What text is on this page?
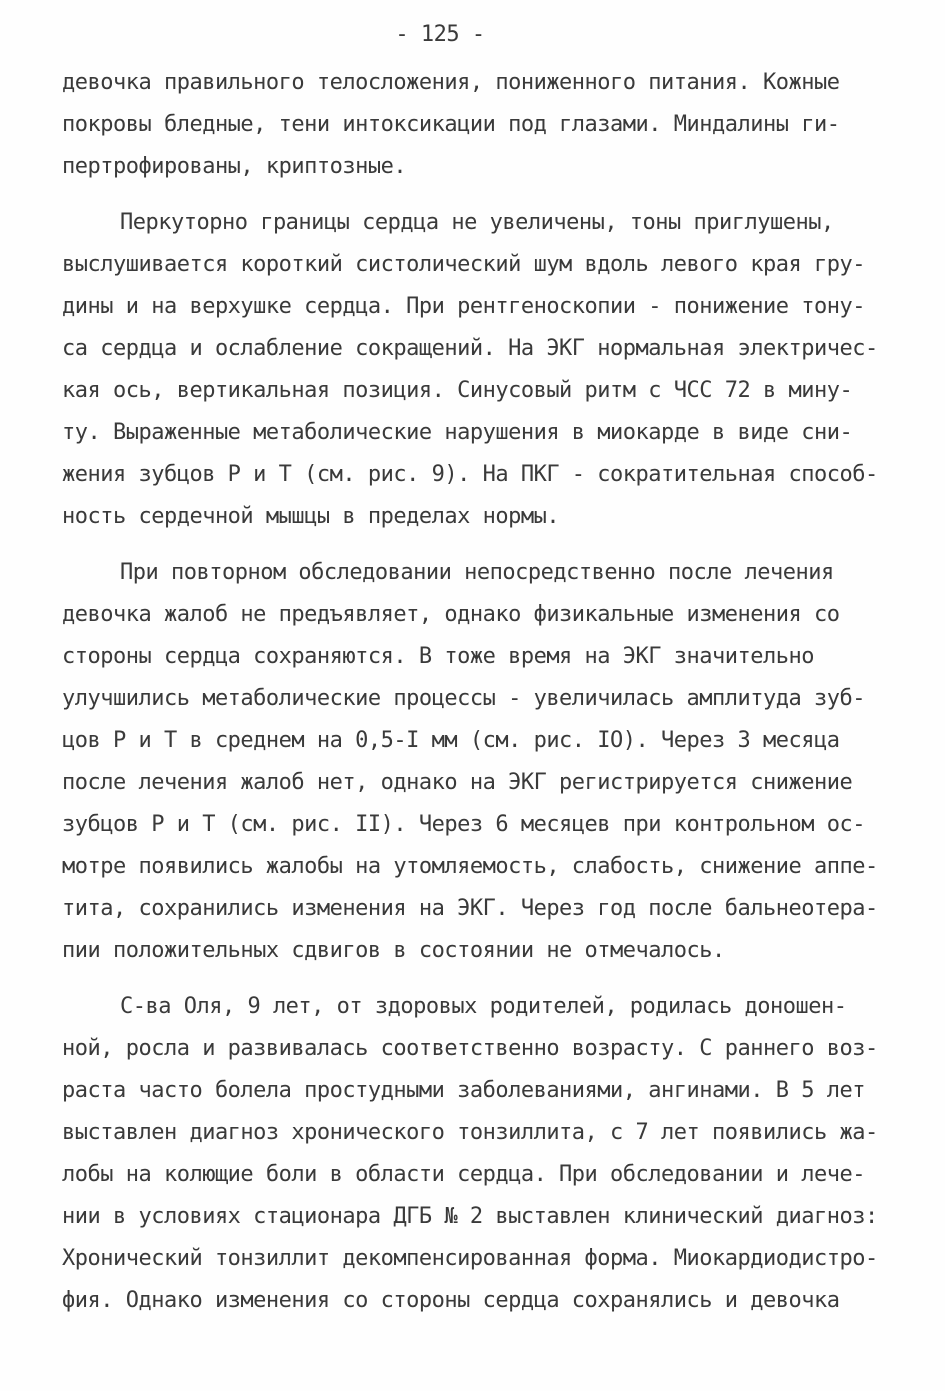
- 125 -
девочка правильного телосложения, пониженного питания. Кожные
покровы бледные, тени интоксикации под глазами. Миндалины ги-
пертрофированы, криптозные.
Перкуторно границы сердца не увеличены, тоны приглушены,
выслушивается короткий систолический шум вдоль левого края гру-
дины и на верхушке сердца. При рентгеноскопии - понижение тону-
са сердца и ослабление сокращений. На ЭКГ нормальная электричес-
кая ось, вертикальная позиция. Синусовый ритм с ЧСС 72 в мину-
ту. Выраженные метаболические нарушения в миокарде в виде сни-
жения зубцов Р и Т (см. рис. 9). На ПКГ - сократительная способ-
ность сердечной мышцы в пределах нормы.
При повторном обследовании непосредственно после лечения
девочка жалоб не предъявляет, однако физикальные изменения со
стороны сердца сохраняются. В тоже время на ЭКГ значительно
улучшились метаболические процессы - увеличилась амплитуда зуб-
цов Р и Т в среднем на 0,5-I мм (см. рис. IO). Через 3 месяца
после лечения жалоб нет, однако на ЭКГ регистрируется снижение
зубцов Р и Т (см. рис. II). Через 6 месяцев при контрольном ос-
мотре появились жалобы на утомляемость, слабость, снижение аппе-
тита, сохранились изменения на ЭКГ. Через год после бальнеотера-
пии положительных сдвигов в состоянии не отмечалось.
С-ва Оля, 9 лет, от здоровых родителей, родилась доношен-
ной, росла и развивалась соответственно возрасту. С раннего воз-
раста часто болела простудными заболеваниями, ангинами. В 5 лет
выставлен диагноз хронического тонзиллита, с 7 лет появились жа-
лобы на колющие боли в области сердца. При обследовании и лече-
нии в условиях стационара ДГБ № 2 выставлен клинический диагноз:
Хронический тонзиллит декомпенсированная форма. Миокардиодистро-
фия. Однако изменения со стороны сердца сохранялись и девочка
